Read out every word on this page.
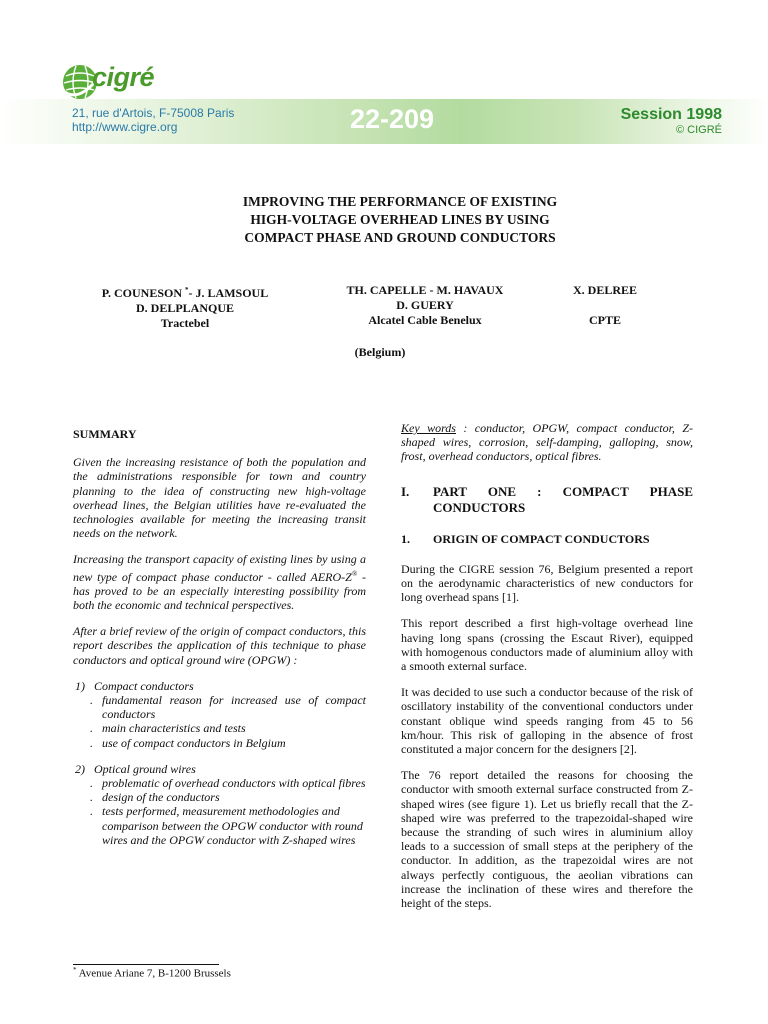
cigré
21, rue d'Artois, F-75008 Paris
http://www.cigre.org	22-209	Session 1998
© CIGRÉ
IMPROVING THE PERFORMANCE OF EXISTING
HIGH-VOLTAGE OVERHEAD LINES BY USING
COMPACT PHASE AND GROUND CONDUCTORS
P. COUNESON *- J. LAMSOUL
D. DELPLANQUE
Tractebel
TH. CAPELLE - M. HAVAUX
D. GUERY
Alcatel Cable Benelux
X. DELREE

CPTE
(Belgium)

SUMMARY

Given the increasing resistance of both the population and the administrations responsible for town and country planning to the idea of constructing new high-voltage overhead lines, the Belgian utilities have re-evaluated the technologies available for meeting the increasing transit needs on the network.

Increasing the transport capacity of existing lines by using a new type of compact phase conductor - called AERO-Z® - has proved to be an especially interesting possibility from both the economic and technical perspectives.

After a brief review of the origin of compact conductors, this report describes the application of this technique to phase conductors and optical ground wire (OPGW) :

1)   Compact conductors

. fundamental reason for increased use of compact conductors
. main characteristics and tests
. use of compact conductors in Belgium

2)   Optical ground wires

. problematic of overhead conductors with optical fibres
. design of the conductors
. tests performed, measurement methodologies and comparison between the OPGW conductor with round wires and the OPGW conductor with Z-shaped wires

Key words : conductor, OPGW, compact conductor, Z-shaped wires, corrosion, self-damping, galloping, snow, frost, overhead conductors, optical fibres.

I.	PART ONE : COMPACT PHASE CONDUCTORS
1.	ORIGIN OF COMPACT CONDUCTORS

During the CIGRE session 76, Belgium presented a report on the aerodynamic characteristics of new conductors for long overhead spans [1].

This report described a first high-voltage overhead line having long spans (crossing the Escaut River), equipped with homogenous conductors made of aluminium alloy with a smooth external surface.

It was decided to use such a conductor because of the risk of oscillatory instability of the conventional conductors under constant oblique wind speeds ranging from 45 to 56 km/hour. This risk of galloping in the absence of frost constituted a major concern for the designers [2].

The 76 report detailed the reasons for choosing the conductor with smooth external surface constructed from Z-shaped wires (see figure 1). Let us briefly recall that the Z-shaped wire was preferred to the trapezoidal-shaped wire because the stranding of such wires in aluminium alloy leads to a succession of small steps at the periphery of the conductor. In addition, as the trapezoidal wires are not always perfectly contiguous, the aeolian vibrations can increase the inclination of these wires and therefore the height of the steps.

* Avenue Ariane 7, B-1200 Brussels
